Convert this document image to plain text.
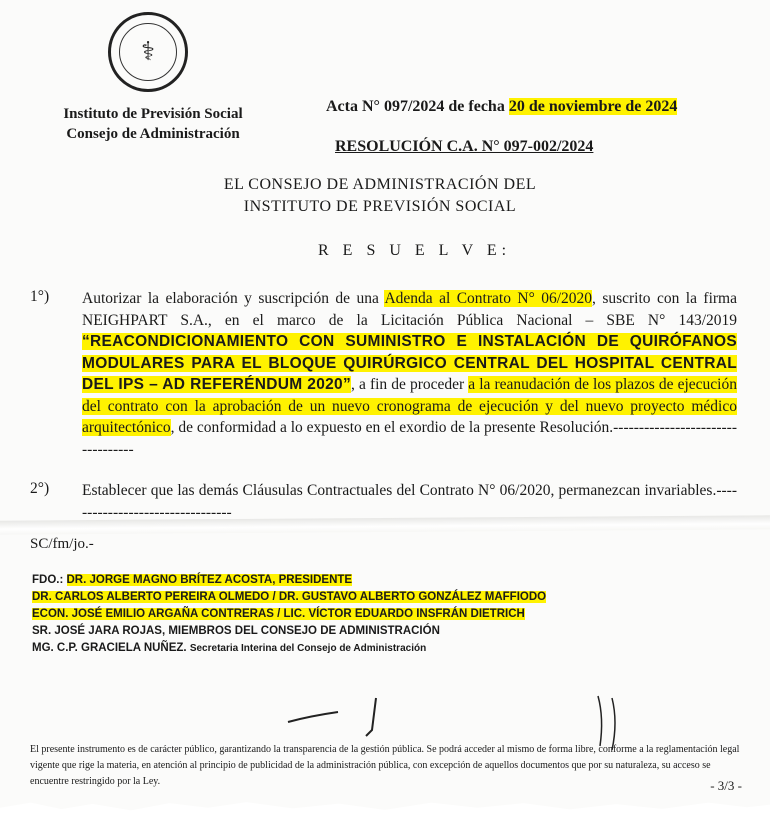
⚕
Instituto de Previsión Social
Consejo de Administración
Acta N° 097/2024 de fecha 20 de noviembre de 2024
RESOLUCIÓN C.A. N° 097-002/2024
EL CONSEJO DE ADMINISTRACIÓN DEL
INSTITUTO DE PREVISIÓN SOCIAL
R E S U E L V E:
1°) Autorizar la elaboración y suscripción de una Adenda al Contrato N° 06/2020, suscrito con la firma NEIGHPART S.A., en el marco de la Licitación Pública Nacional – SBE N° 143/2019 “REACONDICIONAMIENTO CON SUMINISTRO E INSTALACIÓN DE QUIRÓFANOS MODULARES PARA EL BLOQUE QUIRÚRGICO CENTRAL DEL HOSPITAL CENTRAL DEL IPS – AD REFERÉNDUM 2020”, a fin de proceder a la reanudación de los plazos de ejecución del contrato con la aprobación de un nuevo cronograma de ejecución y del nuevo proyecto médico arquitectónico, de conformidad a lo expuesto en el exordio de la presente Resolución.----------------------------------
2°) Establecer que las demás Cláusulas Contractuales del Contrato N° 06/2020, permanezcan invariables.---------------------------------
SC/fm/jo.-
FDO.: DR. JORGE MAGNO BRÍTEZ ACOSTA, PRESIDENTE
DR. CARLOS ALBERTO PEREIRA OLMEDO / DR. GUSTAVO ALBERTO GONZÁLEZ MAFFIODO
ECON. JOSÉ EMILIO ARGAÑA CONTRERAS / LIC. VÍCTOR EDUARDO INSFRÁN DIETRICH
SR. JOSÉ JARA ROJAS, MIEMBROS DEL CONSEJO DE ADMINISTRACIÓN
MG. C.P. GRACIELA NUÑEZ. Secretaria Interina del Consejo de Administración
El presente instrumento es de carácter público, garantizando la transparencia de la gestión pública. Se podrá acceder al mismo de forma libre, conforme a la reglamentación legal vigente que rige la materia, en atención al principio de publicidad de la administración pública, con excepción de aquellos documentos que por su naturaleza, su acceso se encuentre restringido por la Ley.	- 3/3 -
